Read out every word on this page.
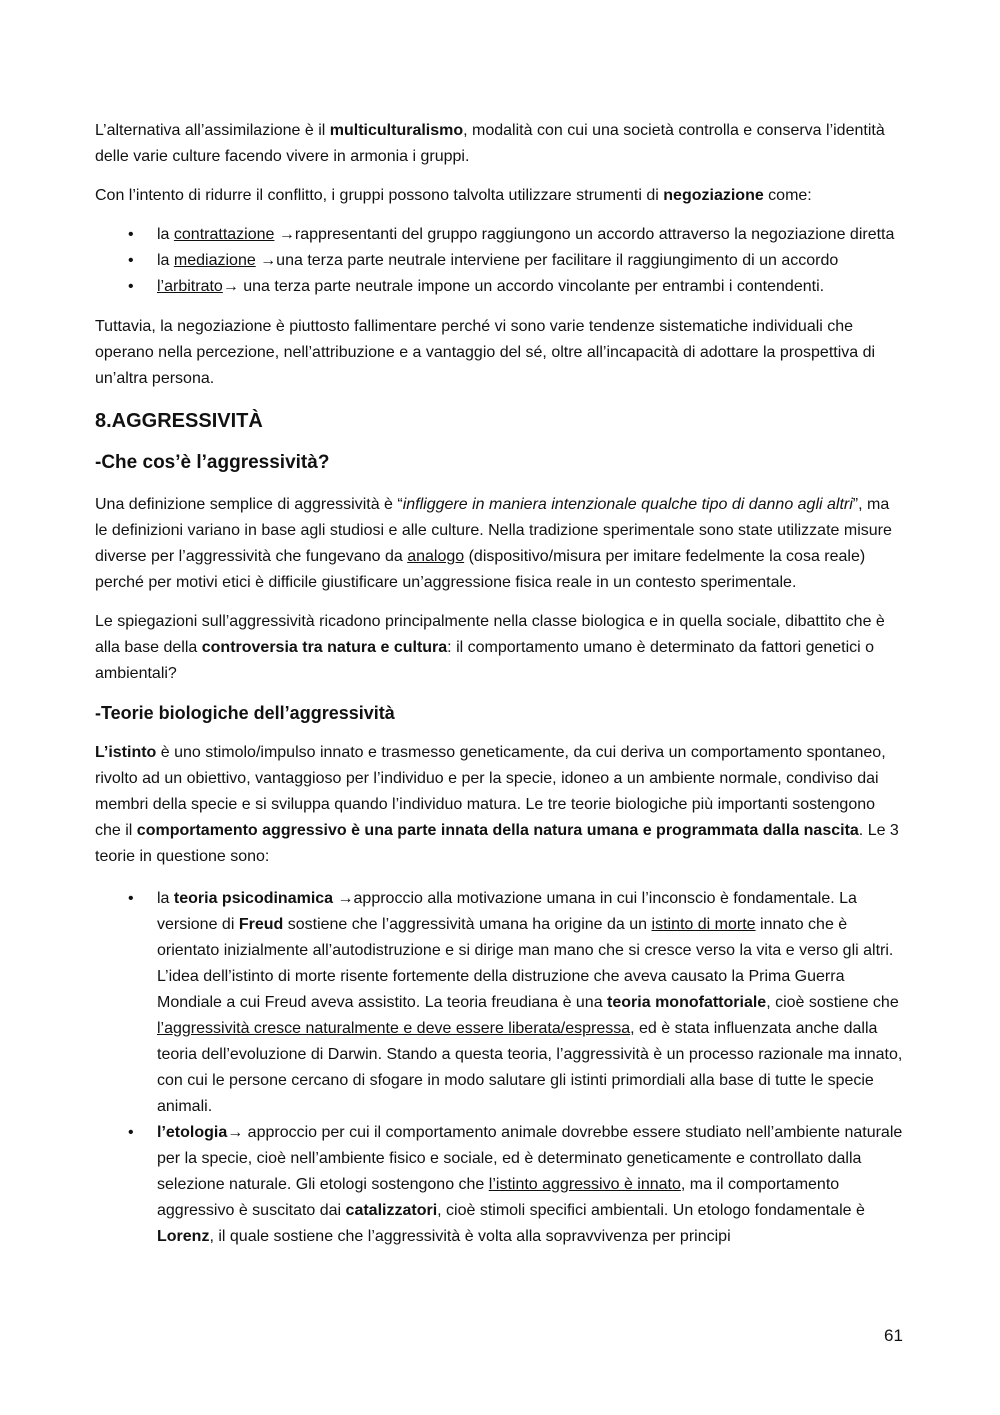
L’alternativa all’assimilazione è il multiculturalismo, modalità con cui una società controlla e conserva l’identità delle varie culture facendo vivere in armonia i gruppi.

Con l’intento di ridurre il conflitto, i gruppi possono talvolta utilizzare strumenti di negoziazione come:

• la contrattazione →rappresentanti del gruppo raggiungono un accordo attraverso la negoziazione diretta
• la mediazione →una terza parte neutrale interviene per facilitare il raggiungimento di un accordo
• l’arbitrato→ una terza parte neutrale impone un accordo vincolante per entrambi i contendenti.

Tuttavia, la negoziazione è piuttosto fallimentare perché vi sono varie tendenze sistematiche individuali che operano nella percezione, nell’attribuzione e a vantaggio del sé, oltre all’incapacità di adottare la prospettiva di un’altra persona.

8.AGGRESSIVITÀ
-Che cos’è l’aggressività?

Una definizione semplice di aggressività è “infliggere in maniera intenzionale qualche tipo di danno agli altri”, ma le definizioni variano in base agli studiosi e alle culture. Nella tradizione sperimentale sono state utilizzate misure diverse per l’aggressività che fungevano da analogo (dispositivo/misura per imitare fedelmente la cosa reale) perché per motivi etici è difficile giustificare un’aggressione fisica reale in un contesto sperimentale.

Le spiegazioni sull’aggressività ricadono principalmente nella classe biologica e in quella sociale, dibattito che è alla base della controversia tra natura e cultura: il comportamento umano è determinato da fattori genetici o ambientali?

-Teorie biologiche dell’aggressività

L’istinto è uno stimolo/impulso innato e trasmesso geneticamente, da cui deriva un comportamento spontaneo, rivolto ad un obiettivo, vantaggioso per l’individuo e per la specie, idoneo a un ambiente normale, condiviso dai membri della specie e si sviluppa quando l’individuo matura. Le tre teorie biologiche più importanti sostengono che il comportamento aggressivo è una parte innata della natura umana e programmata dalla nascita. Le 3 teorie in questione sono:

• la teoria psicodinamica →approccio alla motivazione umana in cui l’inconscio è fondamentale. La versione di Freud sostiene che l’aggressività umana ha origine da un istinto di morte innato che è orientato inizialmente all’autodistruzione e si dirige man mano che si cresce verso la vita e verso gli altri. L’idea dell’istinto di morte risente fortemente della distruzione che aveva causato la Prima Guerra Mondiale a cui Freud aveva assistito. La teoria freudiana è una teoria monofattoriale, cioè sostiene che l’aggressività cresce naturalmente e deve essere liberata/espressa, ed è stata influenzata anche dalla teoria dell’evoluzione di Darwin. Stando a questa teoria, l’aggressività è un processo razionale ma innato, con cui le persone cercano di sfogare in modo salutare gli istinti primordiali alla base di tutte le specie animali.
• l’etologia→ approccio per cui il comportamento animale dovrebbe essere studiato nell’ambiente naturale per la specie, cioè nell’ambiente fisico e sociale, ed è determinato geneticamente e controllato dalla selezione naturale. Gli etologi sostengono che l’istinto aggressivo è innato, ma il comportamento aggressivo è suscitato dai catalizzatori, cioè stimoli specifici ambientali. Un etologo fondamentale è Lorenz, il quale sostiene che l’aggressività è volta alla sopravvivenza per principi
61
